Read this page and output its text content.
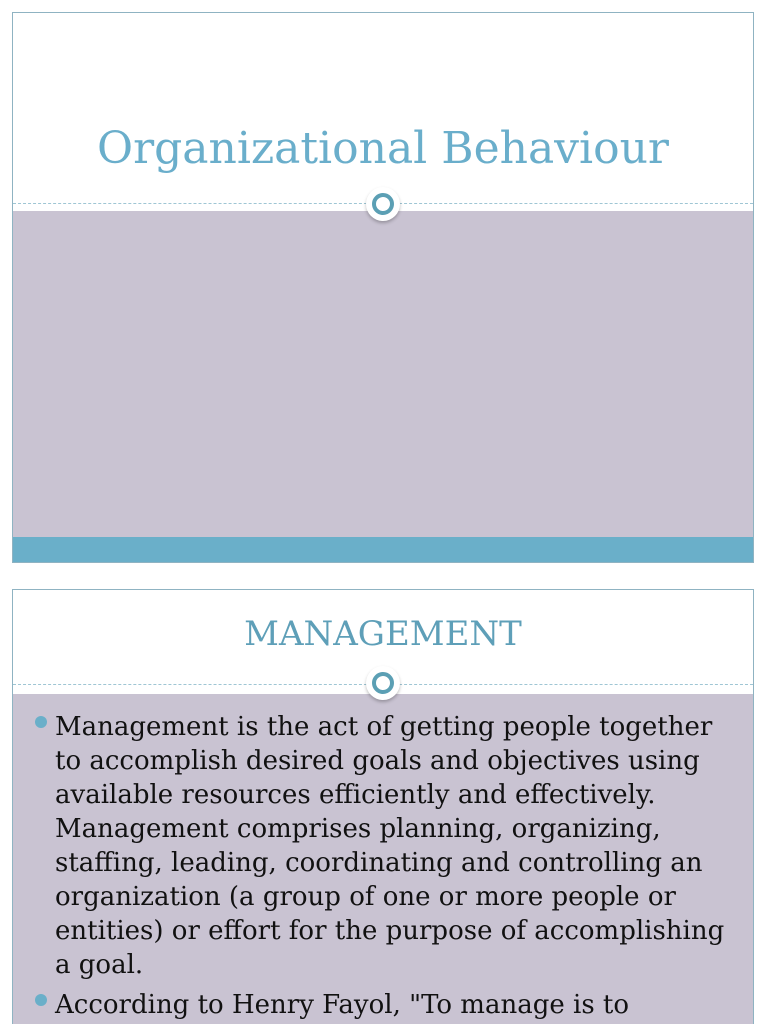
Organizational Behaviour
MANAGEMENT
Management is the act of getting people together to accomplish desired goals and objectives using available resources efficiently and effectively. Management comprises planning, organizing, staffing, leading, coordinating and controlling an organization (a group of one or more people or entities) or effort for the purpose of accomplishing a goal.
According to Henry Fayol, "To manage is to
